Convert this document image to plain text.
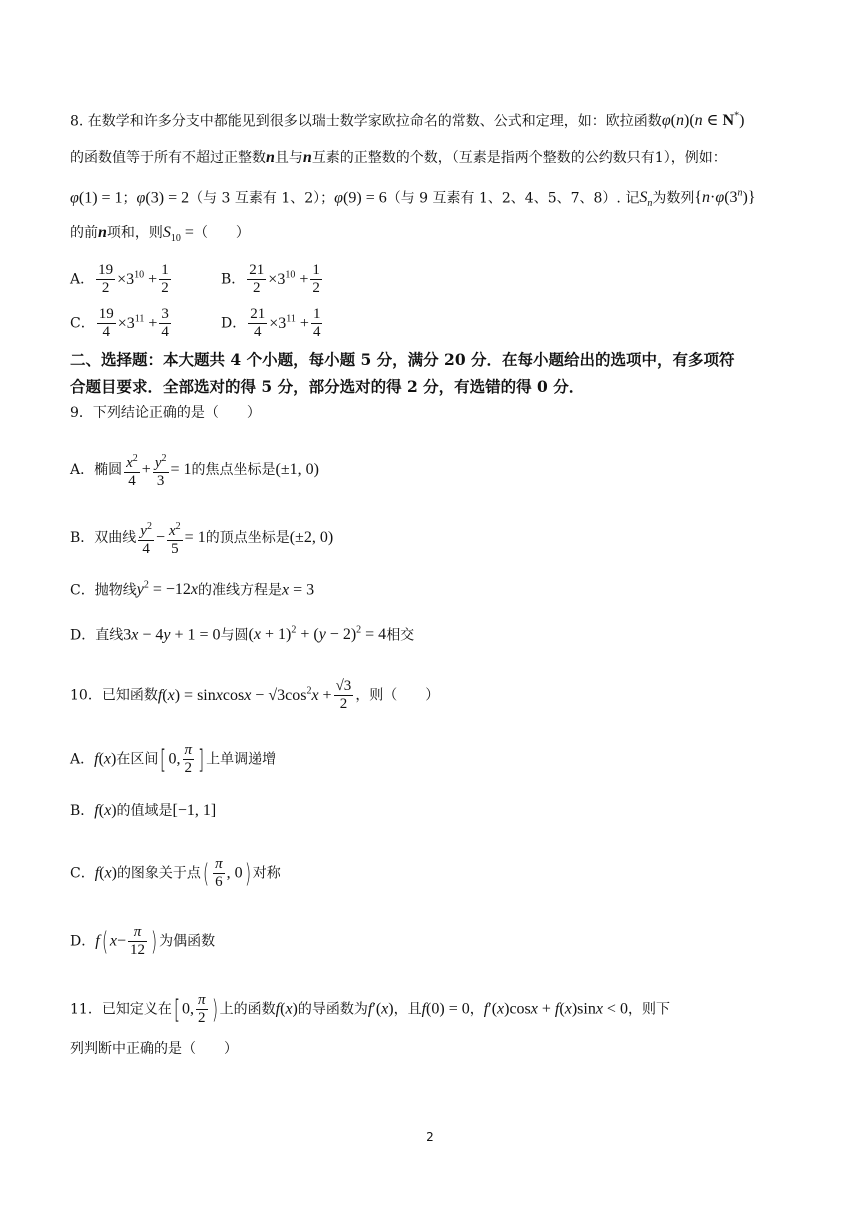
8. 在数学和许多分支中都能见到很多以瑞士数学家欧拉命名的常数、公式和定理，如：欧拉函数φ(n)(n ∈ N*)
的函数值等于所有不超过正整数n且与n互素的正整数的个数，（互素是指两个整数的公约数只有1），例如：
φ(1) = 1；φ(3) = 2（与 3 互素有 1、2）；φ(9) = 6（与 9 互素有 1、2、4、5、7、8）. 记$S_n$为数列$\{n\cdot\varphi(3^n)\}$
的前n项和，则$S_{10}$ =（　　）
A． $\frac{19}{2} \times 3^{10} + \frac{1}{2}$	B． $\frac{21}{2} \times 3^{10} + \frac{1}{2}$
C． $\frac{19}{4} \times 3^{11} + \frac{3}{4}$	D． $\frac{21}{4} \times 3^{11} + \frac{1}{4}$
二、选择题：本大题共 4 个小题，每小题 5 分，满分 20 分．在每小题给出的选项中，有多项符
合题目要求．全部选对的得 5 分，部分选对的得 2 分，有选错的得 0 分．
9．下列结论正确的是（　　）
A．椭圆 $\frac{x^2}{4} + \frac{y^2}{3} = 1$的焦点坐标是(±1, 0)
B．双曲线 $\frac{y^2}{4} - \frac{x^2}{5} = 1$的顶点坐标是(±2, 0)
C．抛物线$y^2 = -12x$的准线方程是x = 3
D．直线3x − 4y + 1 = 0与圆$(x + 1)^2 + (y - 2)^2 = 4$相交
10．已知函数f(x) = sinxcosx − $√3\cos^2x + \frac{√3}{2}$ ，则（　　）
A．f(x)在区间[ 0, $\frac{\pi}{2}$ ] 上单调递增
B．f(x)的值域是[−1, 1]
C．f(x)的图象关于点( $\frac{\pi}{6}$ , 0) 对称
D．f( $x- \frac{\pi}{12}$ ) 为偶函数
11．已知定义在[ 0, $\frac{\pi}{2}$ ) 上的函数f(x)的导函数为f′(x)，且f(0) = 0，f′(x)cosx + f(x)sinx < 0，则下
列判断中正确的是（　　）
2
